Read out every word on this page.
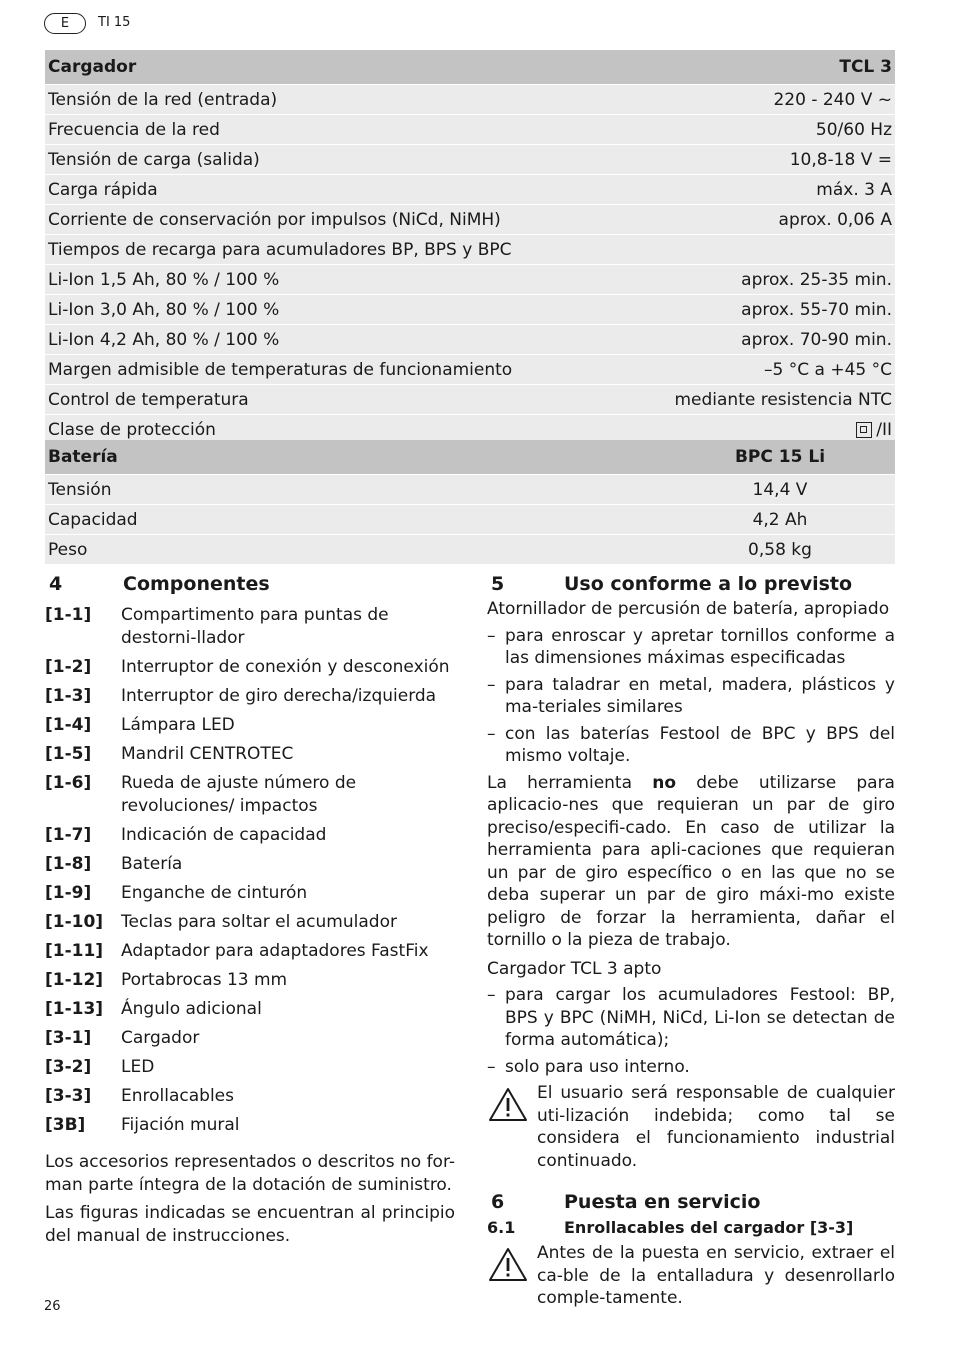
E	TI 15
Cargador	TCL 3
Tensión de la red (entrada)	220 - 240 V ~
Frecuencia de la red	50/60 Hz
Tensión de carga (salida)	10,8-18 V =
Carga rápida	máx. 3 A
Corriente de conservación por impulsos (NiCd, NiMH)	aprox. 0,06 A
Tiempos de recarga para acumuladores BP, BPS y BPC	
Li-Ion 1,5 Ah, 80 % / 100 %	aprox. 25-35 min.
Li-Ion 3,0 Ah, 80 % / 100 %	aprox. 55-70 min.
Li-Ion 4,2 Ah, 80 % / 100 %	aprox. 70-90 min.
Margen admisible de temperaturas de funcionamiento	–5 °C a +45 °C
Control de temperatura	mediante resistencia NTC
Clase de protección	/II
Batería	BPC 15 Li
Tensión	14,4 V
Capacidad	4,2 Ah
Peso	0,58 kg
4	Componentes
[1-1] Compartimento para puntas de destorni-llador
[1-2] Interruptor de conexión y desconexión
[1-3] Interruptor de giro derecha/izquierda
[1-4] Lámpara LED
[1-5] Mandril CENTROTEC
[1-6] Rueda de ajuste número de revoluciones/ impactos
[1-7] Indicación de capacidad
[1-8] Batería
[1-9] Enganche de cinturón
[1-10] Teclas para soltar el acumulador
[1-11] Adaptador para adaptadores FastFix
[1-12] Portabrocas 13 mm
[1-13] Ángulo adicional
[3-1] Cargador
[3-2] LED
[3-3] Enrollacables
[3B] Fijación mural

Los accesorios representados o descritos no for-man parte íntegra de la dotación de suministro.

Las figuras indicadas se encuentran al principio del manual de instrucciones.

5	Uso conforme a lo previsto

Atornillador de percusión de batería, apropiado

– para enroscar y apretar tornillos conforme a las dimensiones máximas especificadas
– para taladrar en metal, madera, plásticos y ma-teriales similares
– con las baterías Festool de BPC y BPS del mismo voltaje.

La herramienta no debe utilizarse para aplicacio-nes que requieran un par de giro preciso/especifi-cado. En caso de utilizar la herramienta para apli-caciones que requieran un par de giro específico o en las que no se deba superar un par de giro máxi-mo existe peligro de forzar la herramienta, dañar el tornillo o la pieza de trabajo.

Cargador TCL 3 apto

– para cargar los acumuladores Festool: BP, BPS y BPC (NiMH, NiCd, Li-Ion se detectan de forma automática);
– solo para uso interno.
El usuario será responsable de cualquier uti-lización indebida; como tal se considera el funcionamiento industrial continuado.
6	Puesta en servicio
6.1	Enrollacables del cargador [3-3]
Antes de la puesta en servicio, extraer el ca-ble de la entalladura y desenrollarlo comple-tamente.
26
